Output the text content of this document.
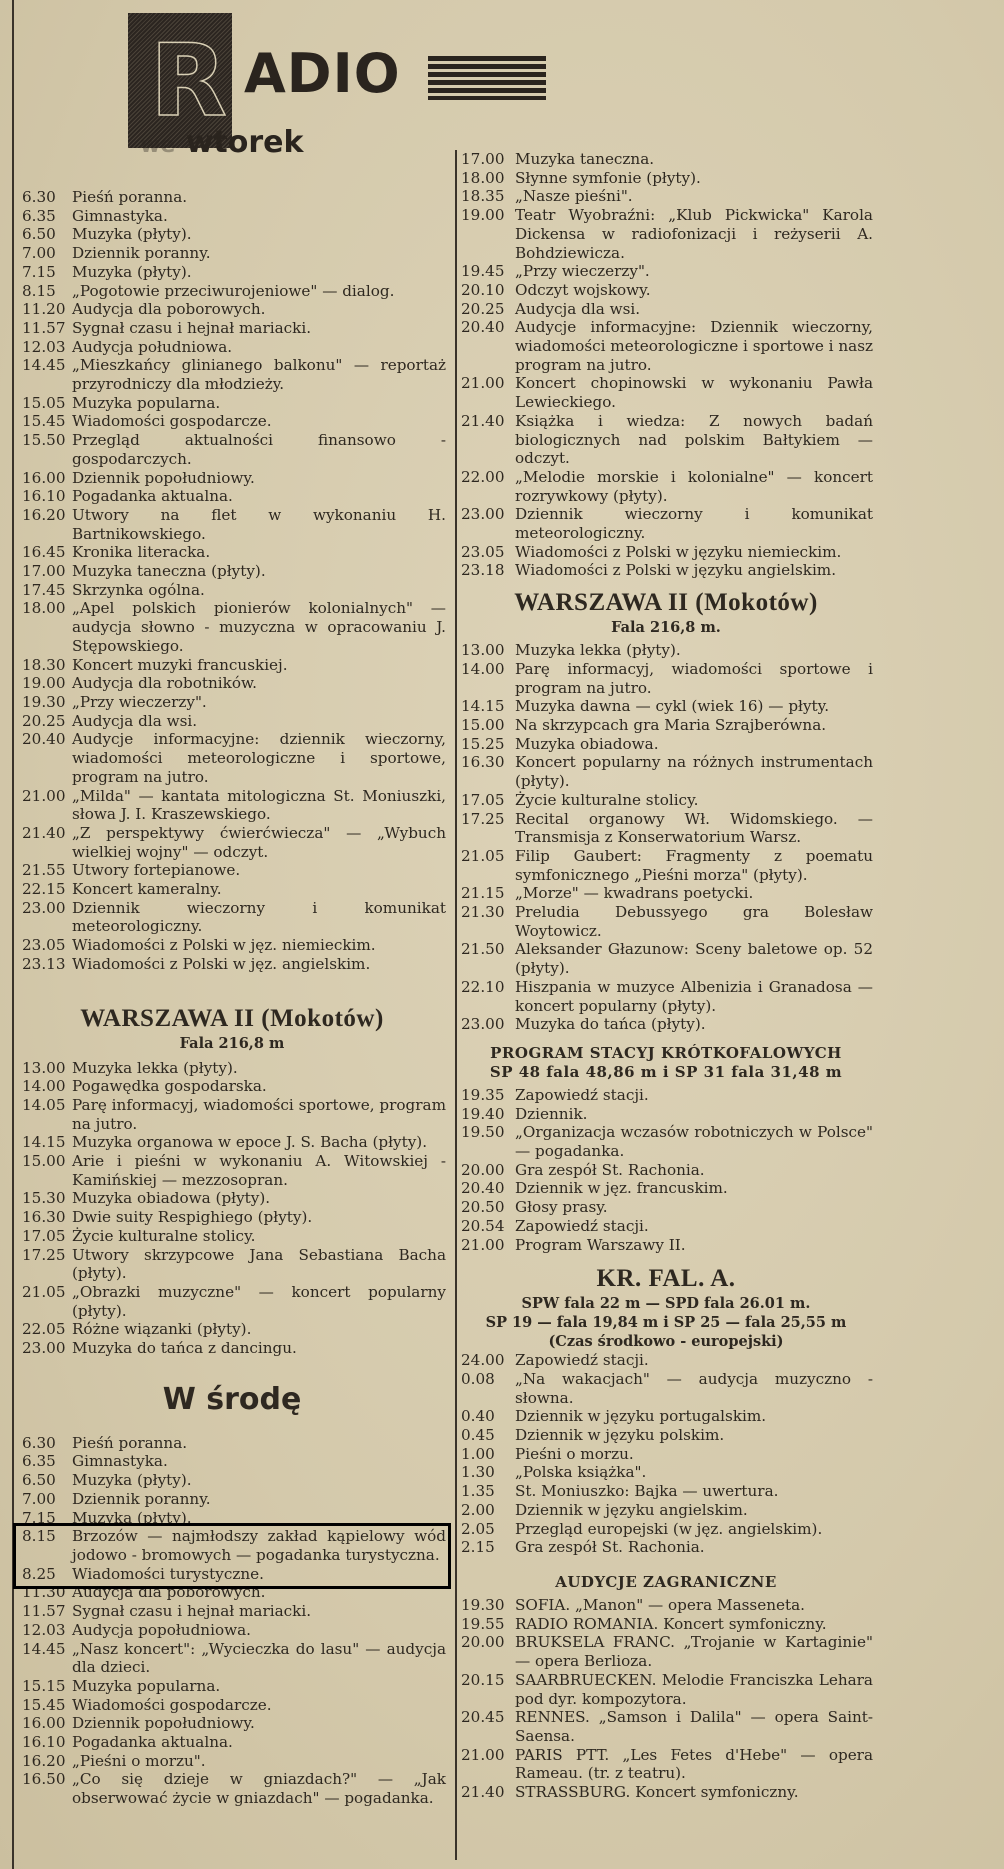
R ADIO
we wtorek
6.30 Pieśń poranna.
6.35 Gimnastyka.
6.50 Muzyka (płyty).
7.00 Dziennik poranny.
7.15 Muzyka (płyty).
8.15 „Pogotowie przeciwurojeniowe" — dialog.
11.20 Audycja dla poborowych.
11.57 Sygnał czasu i hejnał mariacki.
12.03 Audycja południowa.
14.45 „Mieszkańcy glinianego balkonu" — reportaż przyrodniczy dla młodzieży.
15.05 Muzyka popularna.
15.45 Wiadomości gospodarcze.
15.50 Przegląd aktualności finansowo - gospodarczych.
16.00 Dziennik popołudniowy.
16.10 Pogadanka aktualna.
16.20 Utwory na flet w wykonaniu H. Bartnikowskiego.
16.45 Kronika literacka.
17.00 Muzyka taneczna (płyty).
17.45 Skrzynka ogólna.
18.00 „Apel polskich pionierów kolonialnych" —audycja słowno - muzyczna w opracowaniu J. Stępowskiego.
18.30 Koncert muzyki francuskiej.
19.00 Audycja dla robotników.
19.30 „Przy wieczerzy".
20.25 Audycja dla wsi.
20.40 Audycje informacyjne: dziennik wieczorny, wiadomości meteorologiczne i sportowe, program na jutro.
21.00 „Milda" — kantata mitologiczna St. Moniuszki, słowa J. I. Kraszewskiego.
21.40 „Z perspektywy ćwierćwiecza" — „Wybuch wielkiej wojny" — odczyt.
21.55 Utwory fortepianowe.
22.15 Koncert kameralny.
23.00 Dziennik wieczorny i komunikat meteorologiczny.
23.05 Wiadomości z Polski w jęz. niemieckim.
23.13 Wiadomości z Polski w jęz. angielskim.
WARSZAWA II (Mokotów)
Fala 216,8 m
13.00 Muzyka lekka (płyty).
14.00 Pogawędka gospodarska.
14.05 Parę informacyj, wiadomości sportowe, program na jutro.
14.15 Muzyka organowa w epoce J. S. Bacha (płyty).
15.00 Arie i pieśni w wykonaniu A. Witowskiej - Kamińskiej — mezzosopran.
15.30 Muzyka obiadowa (płyty).
16.30 Dwie suity Respighiego (płyty).
17.05 Życie kulturalne stolicy.
17.25 Utwory skrzypcowe Jana Sebastiana Bacha (płyty).
21.05 „Obrazki muzyczne" — koncert popularny (płyty).
22.05 Różne wiązanki (płyty).
23.00 Muzyka do tańca z dancingu.
W środę
6.30 Pieśń poranna.
6.35 Gimnastyka.
6.50 Muzyka (płyty).
7.00 Dziennik poranny.
7.15 Muzyka (płyty).
8.15 Brzozów — najmłodszy zakład kąpielowy wód jodowo - bromowych — pogadanka turystyczna.
8.25 Wiadomości turystyczne.
11.30 Audycja dla poborowych.
11.57 Sygnał czasu i hejnał mariacki.
12.03 Audycja popołudniowa.
14.45 „Nasz koncert": „Wycieczka do lasu" — audycja dla dzieci.
15.15 Muzyka popularna.
15.45 Wiadomości gospodarcze.
16.00 Dziennik popołudniowy.
16.10 Pogadanka aktualna.
16.20 „Pieśni o morzu".
16.50 „Co się dzieje w gniazdach?" — „Jak obserwować życie w gniazdach" — pogadanka.
17.00 Muzyka taneczna.
18.00 Słynne symfonie (płyty).
18.35 „Nasze pieśni".
19.00 Teatr Wyobraźni: „Klub Pickwicka" Karola Dickensa w radiofonizacji i reżyserii A. Bohdziewicza.
19.45 „Przy wieczerzy".
20.10 Odczyt wojskowy.
20.25 Audycja dla wsi.
20.40 Audycje informacyjne: Dziennik wieczorny, wiadomości meteorologiczne i sportowe i nasz program na jutro.
21.00 Koncert chopinowski w wykonaniu Pawła Lewieckiego.
21.40 Książka i wiedza: Z nowych badań biologicznych nad polskim Bałtykiem — odczyt.
22.00 „Melodie morskie i kolonialne" — koncert rozrywkowy (płyty).
23.00 Dziennik wieczorny i komunikat meteorologiczny.
23.05 Wiadomości z Polski w języku niemieckim.
23.18 Wiadomości z Polski w języku angielskim.
WARSZAWA II (Mokotów)
Fala 216,8 m.
13.00 Muzyka lekka (płyty).
14.00 Parę informacyj, wiadomości sportowe i program na jutro.
14.15 Muzyka dawna — cykl (wiek 16) — płyty.
15.00 Na skrzypcach gra Maria Szrajberówna.
15.25 Muzyka obiadowa.
16.30 Koncert popularny na różnych instrumentach (płyty).
17.05 Życie kulturalne stolicy.
17.25 Recital organowy Wł. Widomskiego. — Transmisja z Konserwatorium Warsz.
21.05 Filip Gaubert: Fragmenty z poematu symfonicznego „Pieśni morza" (płyty).
21.15 „Morze" — kwadrans poetycki.
21.30 Preludia Debussyego gra Bolesław Woytowicz.
21.50 Aleksander Głazunow: Sceny baletowe op. 52 (płyty).
22.10 Hiszpania w muzyce Albenizia i Granadosa — koncert popularny (płyty).
23.00 Muzyka do tańca (płyty).
PROGRAM STACYJ KRÓTKOFALOWYCH
SP 48 fala 48,86 m i SP 31 fala 31,48 m
19.35 Zapowiedź stacji.
19.40 Dziennik.
19.50 „Organizacja wczasów robotniczych w Polsce" — pogadanka.
20.00 Gra zespół St. Rachonia.
20.40 Dziennik w jęz. francuskim.
20.50 Głosy prasy.
20.54 Zapowiedź stacji.
21.00 Program Warszawy II.
KR. FAL. A.
SPW fala 22 m — SPD fala 26.01 m.
SP 19 — fala 19,84 m i SP 25 — fala 25,55 m
(Czas środkowo - europejski)
24.00 Zapowiedź stacji.
0.08 „Na wakacjach" — audycja muzyczno - słowna.
0.40 Dziennik w języku portugalskim.
0.45 Dziennik w języku polskim.
1.00 Pieśni o morzu.
1.30 „Polska książka".
1.35 St. Moniuszko: Bajka — uwertura.
2.00 Dziennik w języku angielskim.
2.05 Przegląd europejski (w jęz. angielskim).
2.15 Gra zespół St. Rachonia.
AUDYCJE ZAGRANICZNE
19.30 SOFIA. „Manon" — opera Masseneta.
19.55 RADIO ROMANIA. Koncert symfoniczny.
20.00 BRUKSELA FRANC. „Trojanie w Kartaginie" — opera Berlioza.
20.15 SAARBRUECKEN. Melodie Franciszka Lehara pod dyr. kompozytora.
20.45 RENNES. „Samson i Dalila" — opera Saint-Saensa.
21.00 PARIS PTT. „Les Fetes d'Hebe" — opera Rameau. (tr. z teatru).
21.40 STRASSBURG. Koncert symfoniczny.
